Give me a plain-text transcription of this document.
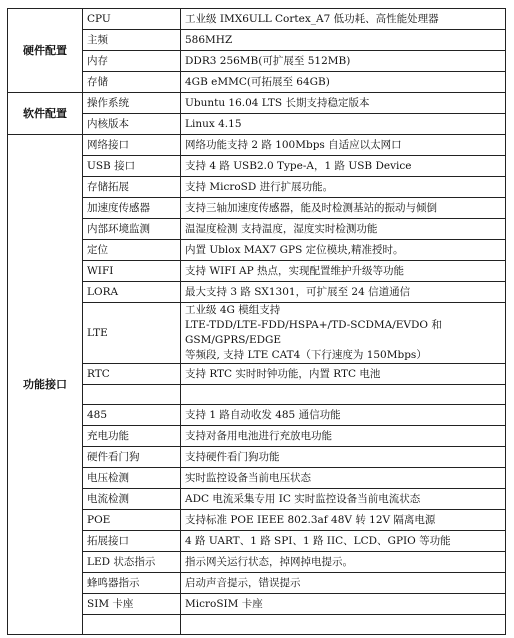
硬件配置	CPU	工业级 IMX6ULL Cortex_A7 低功耗、高性能处理器
	主频	586MHZ
	内存	DDR3 256MB(可扩展至 512MB)
	存储	4GB eMMC(可拓展至 64GB)
软件配置	操作系统	Ubuntu 16.04 LTS 长期支持稳定版本
	内核版本	Linux 4.15
功能接口	网络接口	网络功能支持 2 路 100Mbps 自适应以太网口
	USB 接口	支持 4 路 USB2.0 Type-A，1 路 USB Device
	存储拓展	支持 MicroSD 进行扩展功能。
	加速度传感器	支持三轴加速度传感器，能及时检测基站的振动与倾倒
	内部环境监测	温湿度检测 支持温度，湿度实时检测功能
	定位	内置 Ublox MAX7 GPS 定位模块,精准授时。
	WIFI	支持 WIFI AP 热点，实现配置维护升级等功能
	LORA	最大支持 3 路 SX1301，可扩展至 24 信道通信
	LTE	工业级 4G 模组支持
LTE-TDD/LTE-FDD/HSPA+/TD-SCDMA/EVDO 和 GSM/GPRS/EDGE
等频段, 支持 LTE CAT4（下行速度为 150Mbps）

	RTC	支持 RTC 实时时钟功能，内置 RTC 电池

	485	支持 1 路自动收发 485 通信功能
	充电功能	支持对备用电池进行充放电功能
	硬件看门狗	支持硬件看门狗功能
	电压检测	实时监控设备当前电压状态
	电流检测	ADC 电流采集专用 IC 实时监控设备当前电流状态
	POE	支持标准 POE IEEE 802.3af 48V 转 12V 隔离电源
	拓展接口	4 路 UART、1 路 SPI、1 路 IIC、LCD、GPIO 等功能
	LED 状态指示	指示网关运行状态，掉网掉电提示。
	蜂鸣器指示	启动声音提示，错误提示
	SIM 卡座	MicroSIM 卡座
